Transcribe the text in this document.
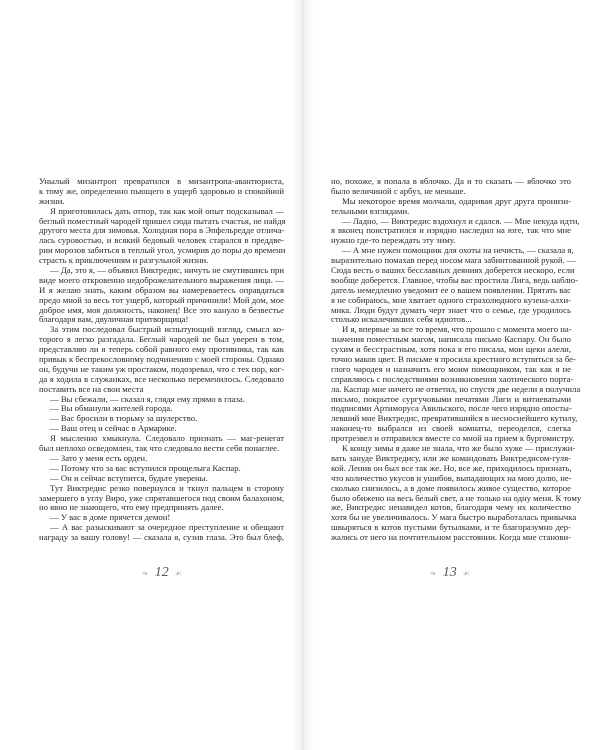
Унылый мизантроп превратился в мизантропа-авантюриста,
к тому же, определенно пьющего в ущерб здоровью и спокойной
жизни.
Я приготовилась дать отпор, так как мой опыт подсказывал —
беглый поместный чародей пришел сюда пытать счастья, не найдя
другого места для зимовья. Холодная пора в Эпфельредде отлича-
лась суровостью, и всякий бедовый человек старался в преддве-
рии морозов забиться в теплый угол, усмирив до поры до времени
страсть к приключениям и разгульной жизни.
— Да, это я, — объявил Виктредис, ничуть не смутившись при
виде моего откровенно недоброжелательного выражения лица. —
И я желаю знать, каким образом вы намереваетесь оправдаться
предо мной за весь тот ущерб, который причинили! Мой дом, мое
доброе имя, моя должность, наконец! Все это кануло в безвестье
благодаря вам, двуличная притворщица!
За этим последовал быстрый испытующий взгляд, смысл ко-
торого я легко разгадала. Беглый чародей не был уверен в том,
представляю ли я теперь собой равного ему противника, так как
привык к беспрекословному подчинению с моей стороны. Однако
он, будучи не таким уж простаком, подозревал, что с тех пор, ког-
да я ходила в служанках, все несколько переменилось. Следовало
поставить все на свои места
— Вы сбежали, — сказал я, глядя ему прямо в глаза.
— Вы обманули жителей города.
— Вас бросили в тюрьму за шулерство.
— Ваш отец и сейчас в Армарике.
Я мысленно хмыкнула. Следовало признать — маг-ренегат
был неплохо осведомлен, так что следовало вести себя понаглее.
— Зато у меня есть орден.
— Потому что за вас вступился прощелыга Каспар.
— Он и сейчас вступится, будьте уверены.
Тут Виктредис резко повернулся и ткнул пальцем в сторону
замершего в углу Виро, уже спрятавшегося под своим балахоном,
но явно не знающего, что ему предпринять далее.
— У вас в доме прячется демон!
— А вас разыскивают за очередное преступление и обещают
награду за вашу голову! — сказала я, сузив глаза. Это был блеф,
но, похоже, я попала в яблочко. Да и то сказать — яблочко это
было величиной с арбуз, не меньше.
Мы некоторое время молчали, одаривая друг друга пронизи-
тельными взглядами.
— Ладно, — Виктредис вздохнул и сдался. — Мне некуда идти,
я вконец поистратился и изрядно наследил на юге, так что мне
нужно где-то переждать эту зиму.
— А мне нужен помощник для охоты на нечисть, — сказала я,
выразительно помахав перед носом мага забинтованной рукой. —
Сюда весть о ваших бесславных деяниях доберется нескоро, если
вообще доберется. Главное, чтобы вас простила Лига, ведь наблю-
датель немедленно уведомит ее о вашем появлении. Прятать вас
я не собираюсь, мне хватает одного страхолюдного кузена-алхи-
мика. Люди будут думать черт знает что о семье, где уродилось
столько искалечивших себя идиотов...
И я, впервые за все то время, что прошло с момента моего на-
значения поместным магом, написала письмо Каспару. Он было
сухим и бесстрастным, хотя пока я его писала, мои щеки алели,
точно маков цвет. В письме я просила крестного вступиться за бе-
глого чародея и назначить его моим помощником, так как я не
справляюсь с последствиями возникновения хаотического порта-
ла. Каспар мне ничего не ответил, но спустя две недели я получила
письмо, покрытое сургучовыми печатями Лиги и витиеватыми
подписями Артиморуса Авильского, после чего изрядно опосты-
левший мне Виктредис, превратившийся в несноснейшего кутилу,
наконец-то выбрался из своей комнаты, переоделся, слегка
протрезвел и отправился вместе со мной на прием к бургомистру.
К концу зимы я даже не знала, что же было хуже — прислужи-
вать зануде Виктредису, или же командовать Виктредисом-гуля-
кой. Ленив он был все так же. Но, все же, приходилось признать,
что количество укусов и ушибов, выпадающих на мою долю, не-
сколько снизилось, а в доме появилось живое существо, которое
было обижено на весь белый свет, а не только на одну меня. К тому
же, Виктредис ненавидел котов, благодаря чему их количество
хотя бы не увеличивалось. У мага быстро выработалась привычка
швыряться в котов пустыми бутылками, и те благоразумно дер-
жались от него на почтительном расстоянии. Когда мне станови-
❧ 12 ☙	❧ 13 ☙
